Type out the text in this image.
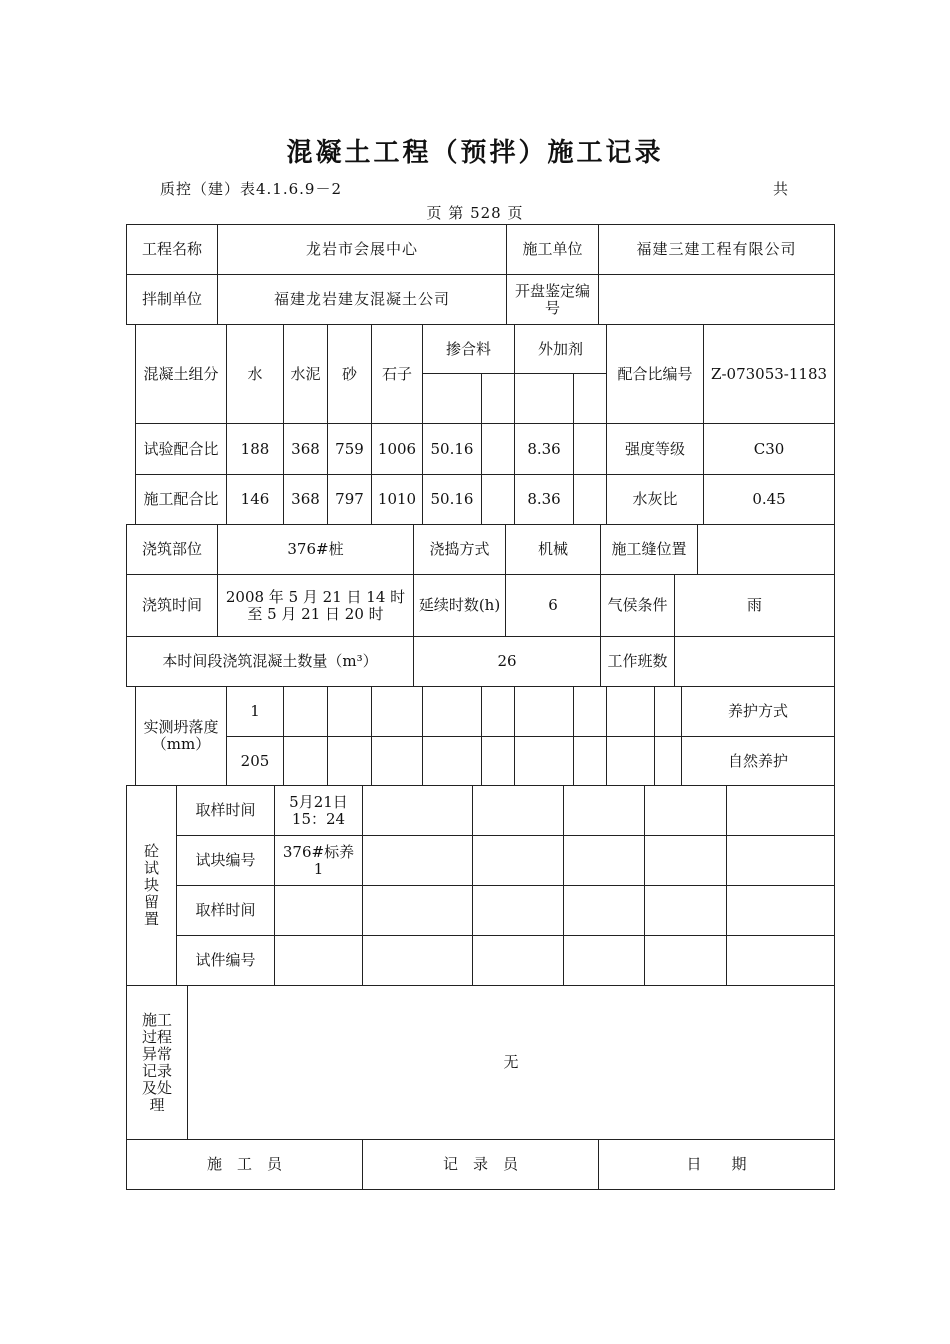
混凝土工程（预拌）施工记录
质控（建）表4.1.6.9－2	共
页 第 528 页
工程名称	龙岩市会展中心	施工单位	福建三建工程有限公司
拌制单位	福建龙岩建友混凝土公司	开盘鉴定编号	
混凝土组分	水	水泥	砂	石子	掺合料		外加剂		配合比编号	Z-073053-1183

试验配合比	188	368	759	1006	50.16		8.36		强度等级	C30
施工配合比	146	368	797	1010	50.16		8.36		水灰比	0.45
浇筑部位	376#桩	浇捣方式	机械	施工缝位置		
浇筑时间	2008 年 5 月 21 日 14 时
至 5 月 21 日 20 时	延续时数(h)	6	气侯条件	雨	
本时间段浇筑混凝土数量（m³）		26		工作班数		
实测坍落度（mm）	1										养护方式
	205										自然养护
砼试块留置	取样时间	5月21日 15：24					
	试块编号	376#标养 1					
	取样时间						
	试件编号						
施工过程异常记录及处理	无		
施　工　员		记　录　员	日　　期
